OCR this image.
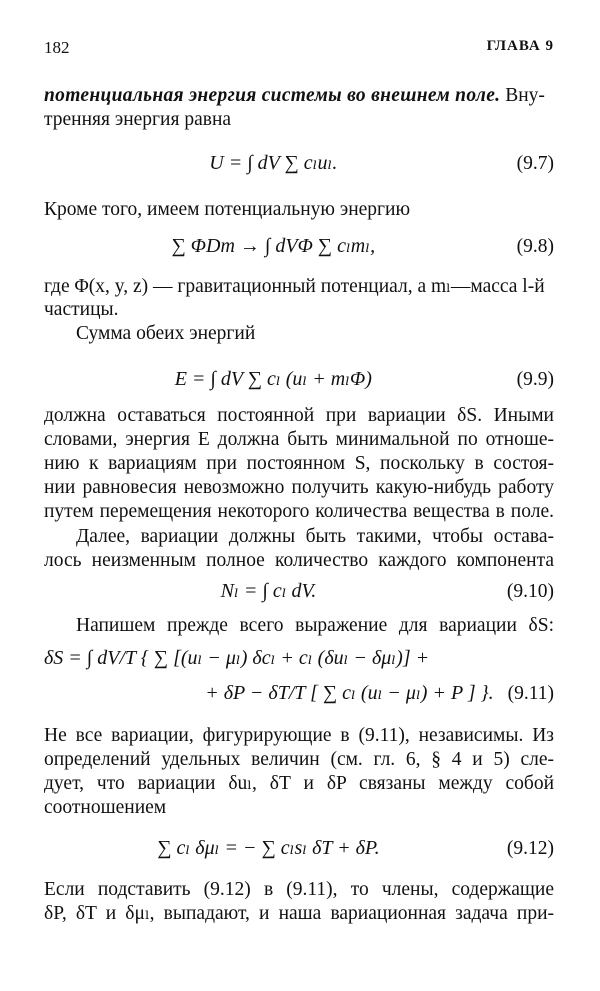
182	ГЛАВА 9
потенциальная энергия системы во внешнем поле. Вну-
тренняя энергия равна
U = ∫ dV ∑ cₗuₗ.	(9.7)
Кроме того, имеем потенциальную энергию
∑ ΦDm → ∫ dVΦ ∑ cₗmₗ,	(9.8)
где Φ(x, y, z) — гравитационный потенциал, а mₗ—масса l-й
частицы.
Сумма обеих энергий
E = ∫ dV ∑ cₗ (uₗ + mₗΦ)	(9.9)
должна оставаться постоянной при вариации δS. Иными
словами, энергия E должна быть минимальной по отноше-
нию к вариациям при постоянном S, поскольку в состоя-
нии равновесия невозможно получить какую-нибудь работу
путем перемещения некоторого количества вещества в поле.
Далее, вариации должны быть такими, чтобы остава-
лось неизменным полное количество каждого компонента
Nₗ = ∫ cₗ dV.	(9.10)
Напишем прежде всего выражение для вариации δS:
δS = ∫ dV/T { ∑ [(uₗ − μₗ) δcₗ + cₗ (δuₗ − δμₗ)] +
+ δP − δT/T [ ∑ cₗ (uₗ − μₗ) + P ] }. (9.11)
Не все вариации, фигурирующие в (9.11), независимы. Из
определений удельных величин (см. гл. 6, § 4 и 5) сле-
дует, что вариации δuₗ, δT и δP связаны между собой
соотношением
∑ cₗ δμₗ = − ∑ cₗsₗ δT + δP.	(9.12)
Если подставить (9.12) в (9.11), то члены, содержащие
δP, δT и δμₗ, выпадают, и наша вариационная задача при-
